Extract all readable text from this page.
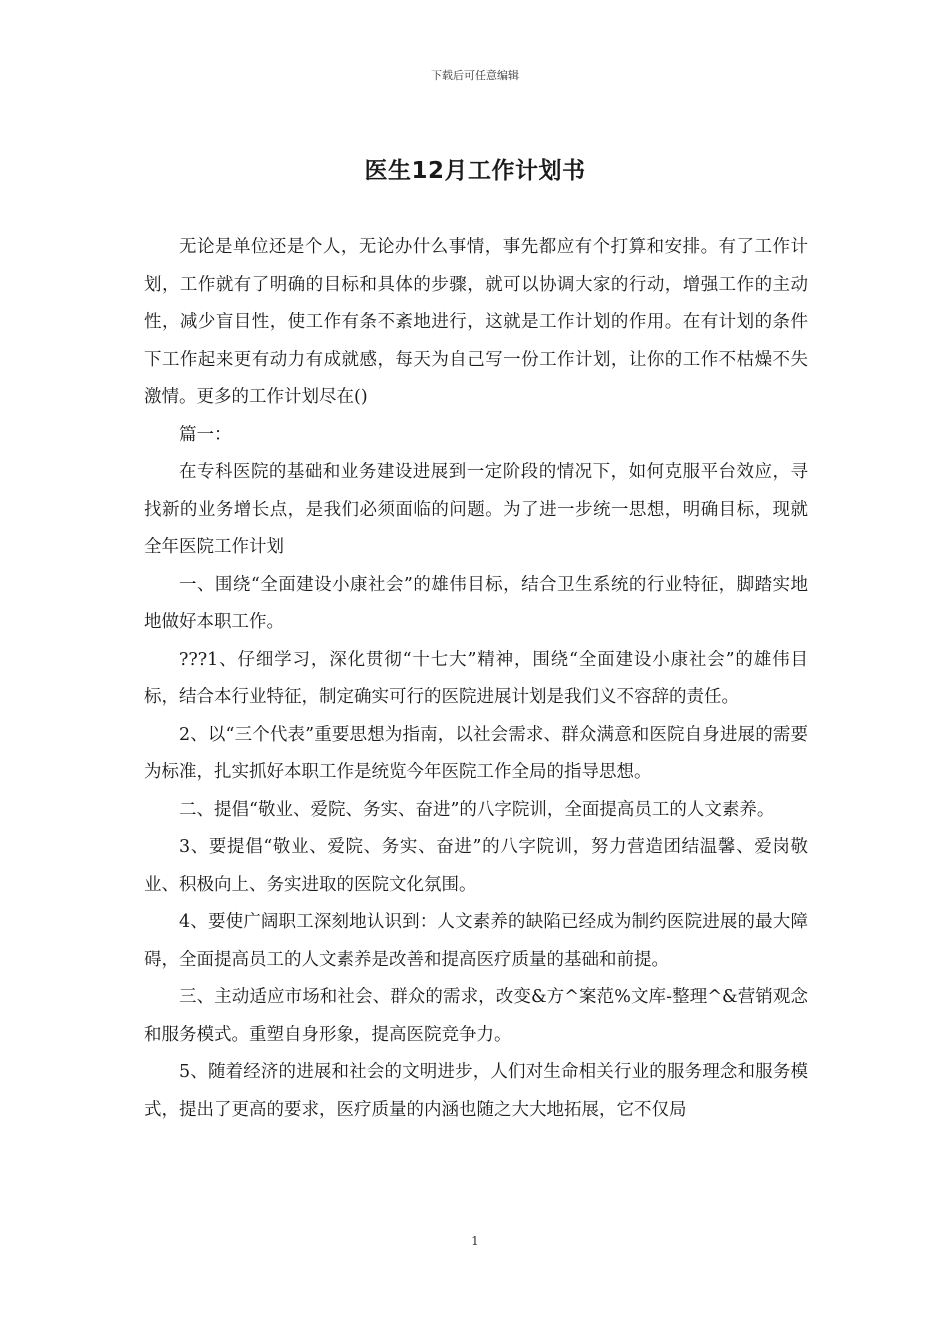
下载后可任意编辑
医生12月工作计划书

无论是单位还是个人，无论办什么事情，事先都应有个打算和安排。有了工作计划，工作就有了明确的目标和具体的步骤，就可以协调大家的行动，增强工作的主动性，减少盲目性，使工作有条不紊地进行，这就是工作计划的作用。在有计划的条件下工作起来更有动力有成就感，每天为自己写一份工作计划，让你的工作不枯燥不失激情。更多的工作计划尽在()

篇一：

在专科医院的基础和业务建设进展到一定阶段的情况下，如何克服平台效应，寻找新的业务增长点，是我们必须面临的问题。为了进一步统一思想，明确目标，现就全年医院工作计划

一、围绕“全面建设小康社会”的雄伟目标，结合卫生系统的行业特征，脚踏实地地做好本职工作。

???1、仔细学习，深化贯彻“十七大”精神，围绕“全面建设小康社会”的雄伟目标，结合本行业特征，制定确实可行的医院进展计划是我们义不容辞的责任。

2、以“三个代表”重要思想为指南，以社会需求、群众满意和医院自身进展的需要为标准，扎实抓好本职工作是统览今年医院工作全局的指导思想。

二、提倡“敬业、爱院、务实、奋进”的八字院训，全面提高员工的人文素养。

3、要提倡“敬业、爱院、务实、奋进”的八字院训，努力营造团结温馨、爱岗敬业、积极向上、务实进取的医院文化氛围。

4、要使广阔职工深刻地认识到：人文素养的缺陷已经成为制约医院进展的最大障碍，全面提高员工的人文素养是改善和提高医疗质量的基础和前提。

三、主动适应市场和社会、群众的需求，改变&方^案范%文库-整理^&营销观念和服务模式。重塑自身形象，提高医院竞争力。

5、随着经济的进展和社会的文明进步，人们对生命相关行业的服务理念和服务模式，提出了更高的要求，医疗质量的内涵也随之大大地拓展，它不仅局

1
